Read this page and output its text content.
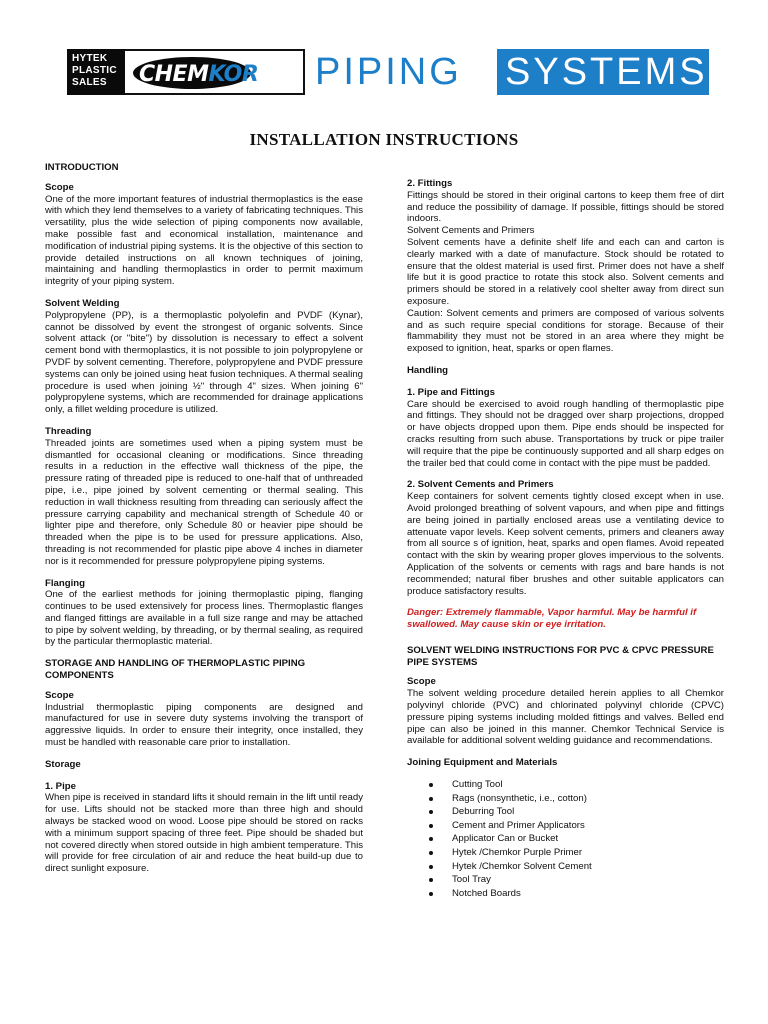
HYTEK
PLASTIC
SALES	CHEMKOR PIPING SYSTEMS
INSTALLATION INSTRUCTIONS

INTRODUCTION

Scope

One of the more important features of industrial thermoplastics is the ease with which they lend themselves to a variety of fabricating techniques. This versatility, plus the wide selection of piping components now available, make possible fast and economical installation, maintenance and modification of industrial piping systems. It is the objective of this section to provide detailed instructions on all known techniques of joining, maintaining and handling thermoplastics in order to permit maximum integrity of your piping system.

Solvent Welding

Polypropylene (PP), is a thermoplastic polyolefin and PVDF (Kynar), cannot be dissolved by event the strongest of organic solvents. Since solvent attack (or "bite") by dissolution is necessary to effect a solvent cement bond with thermoplastics, it is not possible to join polypropylene or PVDF by solvent cementing. Therefore, polypropylene and PVDF pressure systems can only be joined using heat fusion techniques. A thermal sealing procedure is used when joining ½" through 4" sizes. When joining 6" polypropylene systems, which are recommended for drainage applications only, a fillet welding procedure is utilized.

Threading

Threaded joints are sometimes used when a piping system must be dismantled for occasional cleaning or modifications. Since threading results in a reduction in the effective wall thickness of the pipe, the pressure rating of threaded pipe is reduced to one-half that of unthreaded pipe, i.e., pipe joined by solvent cementing or thermal sealing. This reduction in wall thickness resulting from threading can seriously affect the pressure carrying capability and mechanical strength of Schedule 40 or lighter pipe and therefore, only Schedule 80 or heavier pipe should be threaded when the pipe is to be used for pressure applications. Also, threading is not recommended for plastic pipe above 4 inches in diameter nor is it recommended for pressure polypropylene piping systems.

Flanging

One of the earliest methods for joining thermoplastic piping, flanging continues to be used extensively for process lines. Thermoplastic flanges and flanged fittings are available in a full size range and may be attached to pipe by solvent welding, by threading, or by thermal sealing, as required by the particular thermoplastic material.

STORAGE AND HANDLING OF THERMOPLASTIC PIPING COMPONENTS

Scope

Industrial thermoplastic piping components are designed and manufactured for use in severe duty systems involving the transport of aggressive liquids. In order to ensure their integrity, once installed, they must be handled with reasonable care prior to installation.

Storage

1. Pipe

When pipe is received in standard lifts it should remain in the lift until ready for use. Lifts should not be stacked more than three high and should always be stacked wood on wood. Loose pipe should be stored on racks with a minimum support spacing of three feet. Pipe should be shaded but not covered directly when stored outside in high ambient temperature. This will provide for free circulation of air and reduce the heat build-up due to direct sunlight exposure.

2. Fittings

Fittings should be stored in their original cartons to keep them free of dirt and reduce the possibility of damage. If possible, fittings should be stored indoors.

Solvent Cements and Primers

Solvent cements have a definite shelf life and each can and carton is clearly marked with a date of manufacture. Stock should be rotated to ensure that the oldest material is used first. Primer does not have a shelf life but it is good practice to rotate this stock also. Solvent cements and primers should be stored in a relatively cool shelter away from direct sun exposure.

Caution: Solvent cements and primers are composed of various solvents and as such require special conditions for storage. Because of their flammability they must not be stored in an area where they might be exposed to ignition, heat, sparks or open flames.

Handling

1. Pipe and Fittings

Care should be exercised to avoid rough handling of thermoplastic pipe and fittings. They should not be dragged over sharp projections, dropped or have objects dropped upon them. Pipe ends should be inspected for cracks resulting from such abuse. Transportations by truck or pipe trailer will require that the pipe be continuously supported and all sharp edges on the trailer bed that could come in contact with the pipe must be padded.

2. Solvent Cements and Primers

Keep containers for solvent cements tightly closed except when in use. Avoid prolonged breathing of solvent vapours, and when pipe and fittings are being joined in partially enclosed areas use a ventilating device to attenuate vapor levels. Keep solvent cements, primers and cleaners away from all source s of ignition, heat, sparks and open flames. Avoid repeated contact with the skin by wearing proper gloves impervious to the solvents. Application of the solvents or cements with rags and bare hands is not recommended; natural fiber brushes and other suitable applicators can produce satisfactory results.

Danger: Extremely flammable, Vapor harmful. May be harmful if swallowed. May cause skin or eye irritation.

SOLVENT WELDING INSTRUCTIONS FOR PVC & CPVC PRESSURE PIPE SYSTEMS

Scope

The solvent welding procedure detailed herein applies to all Chemkor polyvinyl chloride (PVC) and chlorinated polyvinyl chloride (CPVC) pressure piping systems including molded fittings and valves. Belled end pipe can also be joined in this manner. Chemkor Technical Service is available for additional solvent welding guidance and recommendations.

Joining Equipment and Materials

Cutting Tool
Rags (nonsynthetic, i.e., cotton)
Deburring Tool
Cement and Primer Applicators
Applicator Can or Bucket
Hytek /Chemkor Purple Primer
Hytek /Chemkor Solvent Cement
Tool Tray
Notched Boards
